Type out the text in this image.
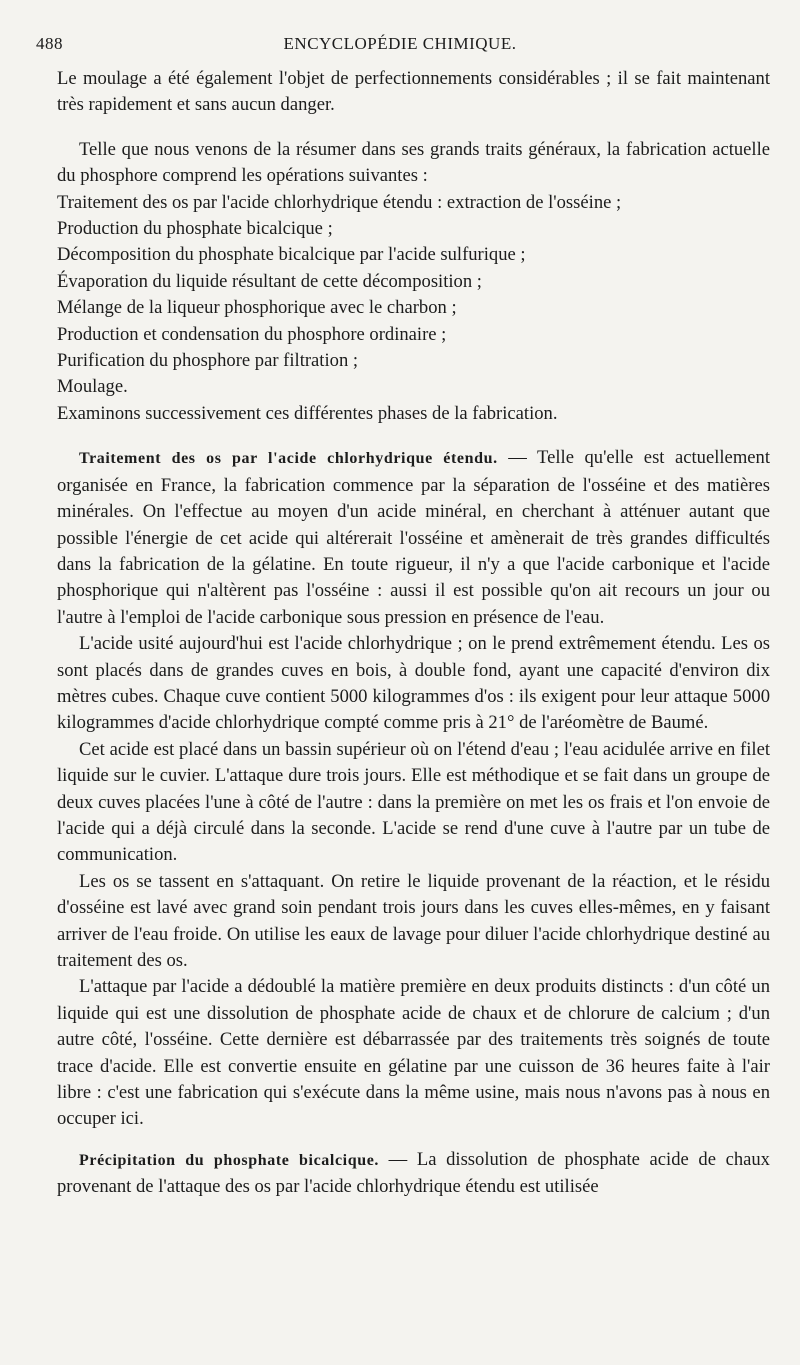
488	ENCYCLOPÉDIE CHIMIQUE.

Le moulage a été également l'objet de perfectionnements considérables ; il se fait maintenant très rapidement et sans aucun danger.

Telle que nous venons de la résumer dans ses grands traits généraux, la fabrication actuelle du phosphore comprend les opérations suivantes :

Traitement des os par l'acide chlorhydrique étendu : extraction de l'osséine ;

Production du phosphate bicalcique ;

Décomposition du phosphate bicalcique par l'acide sulfurique ;

Évaporation du liquide résultant de cette décomposition ;

Mélange de la liqueur phosphorique avec le charbon ;

Production et condensation du phosphore ordinaire ;

Purification du phosphore par filtration ;

Moulage.

Examinons successivement ces différentes phases de la fabrication.

Traitement des os par l'acide chlorhydrique étendu. — Telle qu'elle est actuellement organisée en France, la fabrication commence par la séparation de l'osséine et des matières minérales. On l'effectue au moyen d'un acide minéral, en cherchant à atténuer autant que possible l'énergie de cet acide qui altérerait l'osséine et amènerait de très grandes difficultés dans la fabrication de la gélatine. En toute rigueur, il n'y a que l'acide carbonique et l'acide phosphorique qui n'altèrent pas l'osséine : aussi il est possible qu'on ait recours un jour ou l'autre à l'emploi de l'acide carbonique sous pression en présence de l'eau.

L'acide usité aujourd'hui est l'acide chlorhydrique ; on le prend extrêmement étendu. Les os sont placés dans de grandes cuves en bois, à double fond, ayant une capacité d'environ dix mètres cubes. Chaque cuve contient 5000 kilogrammes d'os : ils exigent pour leur attaque 5000 kilogrammes d'acide chlorhydrique compté comme pris à 21° de l'aréomètre de Baumé.

Cet acide est placé dans un bassin supérieur où on l'étend d'eau ; l'eau acidulée arrive en filet liquide sur le cuvier. L'attaque dure trois jours. Elle est méthodique et se fait dans un groupe de deux cuves placées l'une à côté de l'autre : dans la première on met les os frais et l'on envoie de l'acide qui a déjà circulé dans la seconde. L'acide se rend d'une cuve à l'autre par un tube de communication.

Les os se tassent en s'attaquant. On retire le liquide provenant de la réaction, et le résidu d'osséine est lavé avec grand soin pendant trois jours dans les cuves elles-mêmes, en y faisant arriver de l'eau froide. On utilise les eaux de lavage pour diluer l'acide chlorhydrique destiné au traitement des os.

L'attaque par l'acide a dédoublé la matière première en deux produits distincts : d'un côté un liquide qui est une dissolution de phosphate acide de chaux et de chlorure de calcium ; d'un autre côté, l'osséine. Cette dernière est débarrassée par des traitements très soignés de toute trace d'acide. Elle est convertie ensuite en gélatine par une cuisson de 36 heures faite à l'air libre : c'est une fabrication qui s'exécute dans la même usine, mais nous n'avons pas à nous en occuper ici.

Précipitation du phosphate bicalcique. — La dissolution de phosphate acide de chaux provenant de l'attaque des os par l'acide chlorhydrique étendu est utilisée
